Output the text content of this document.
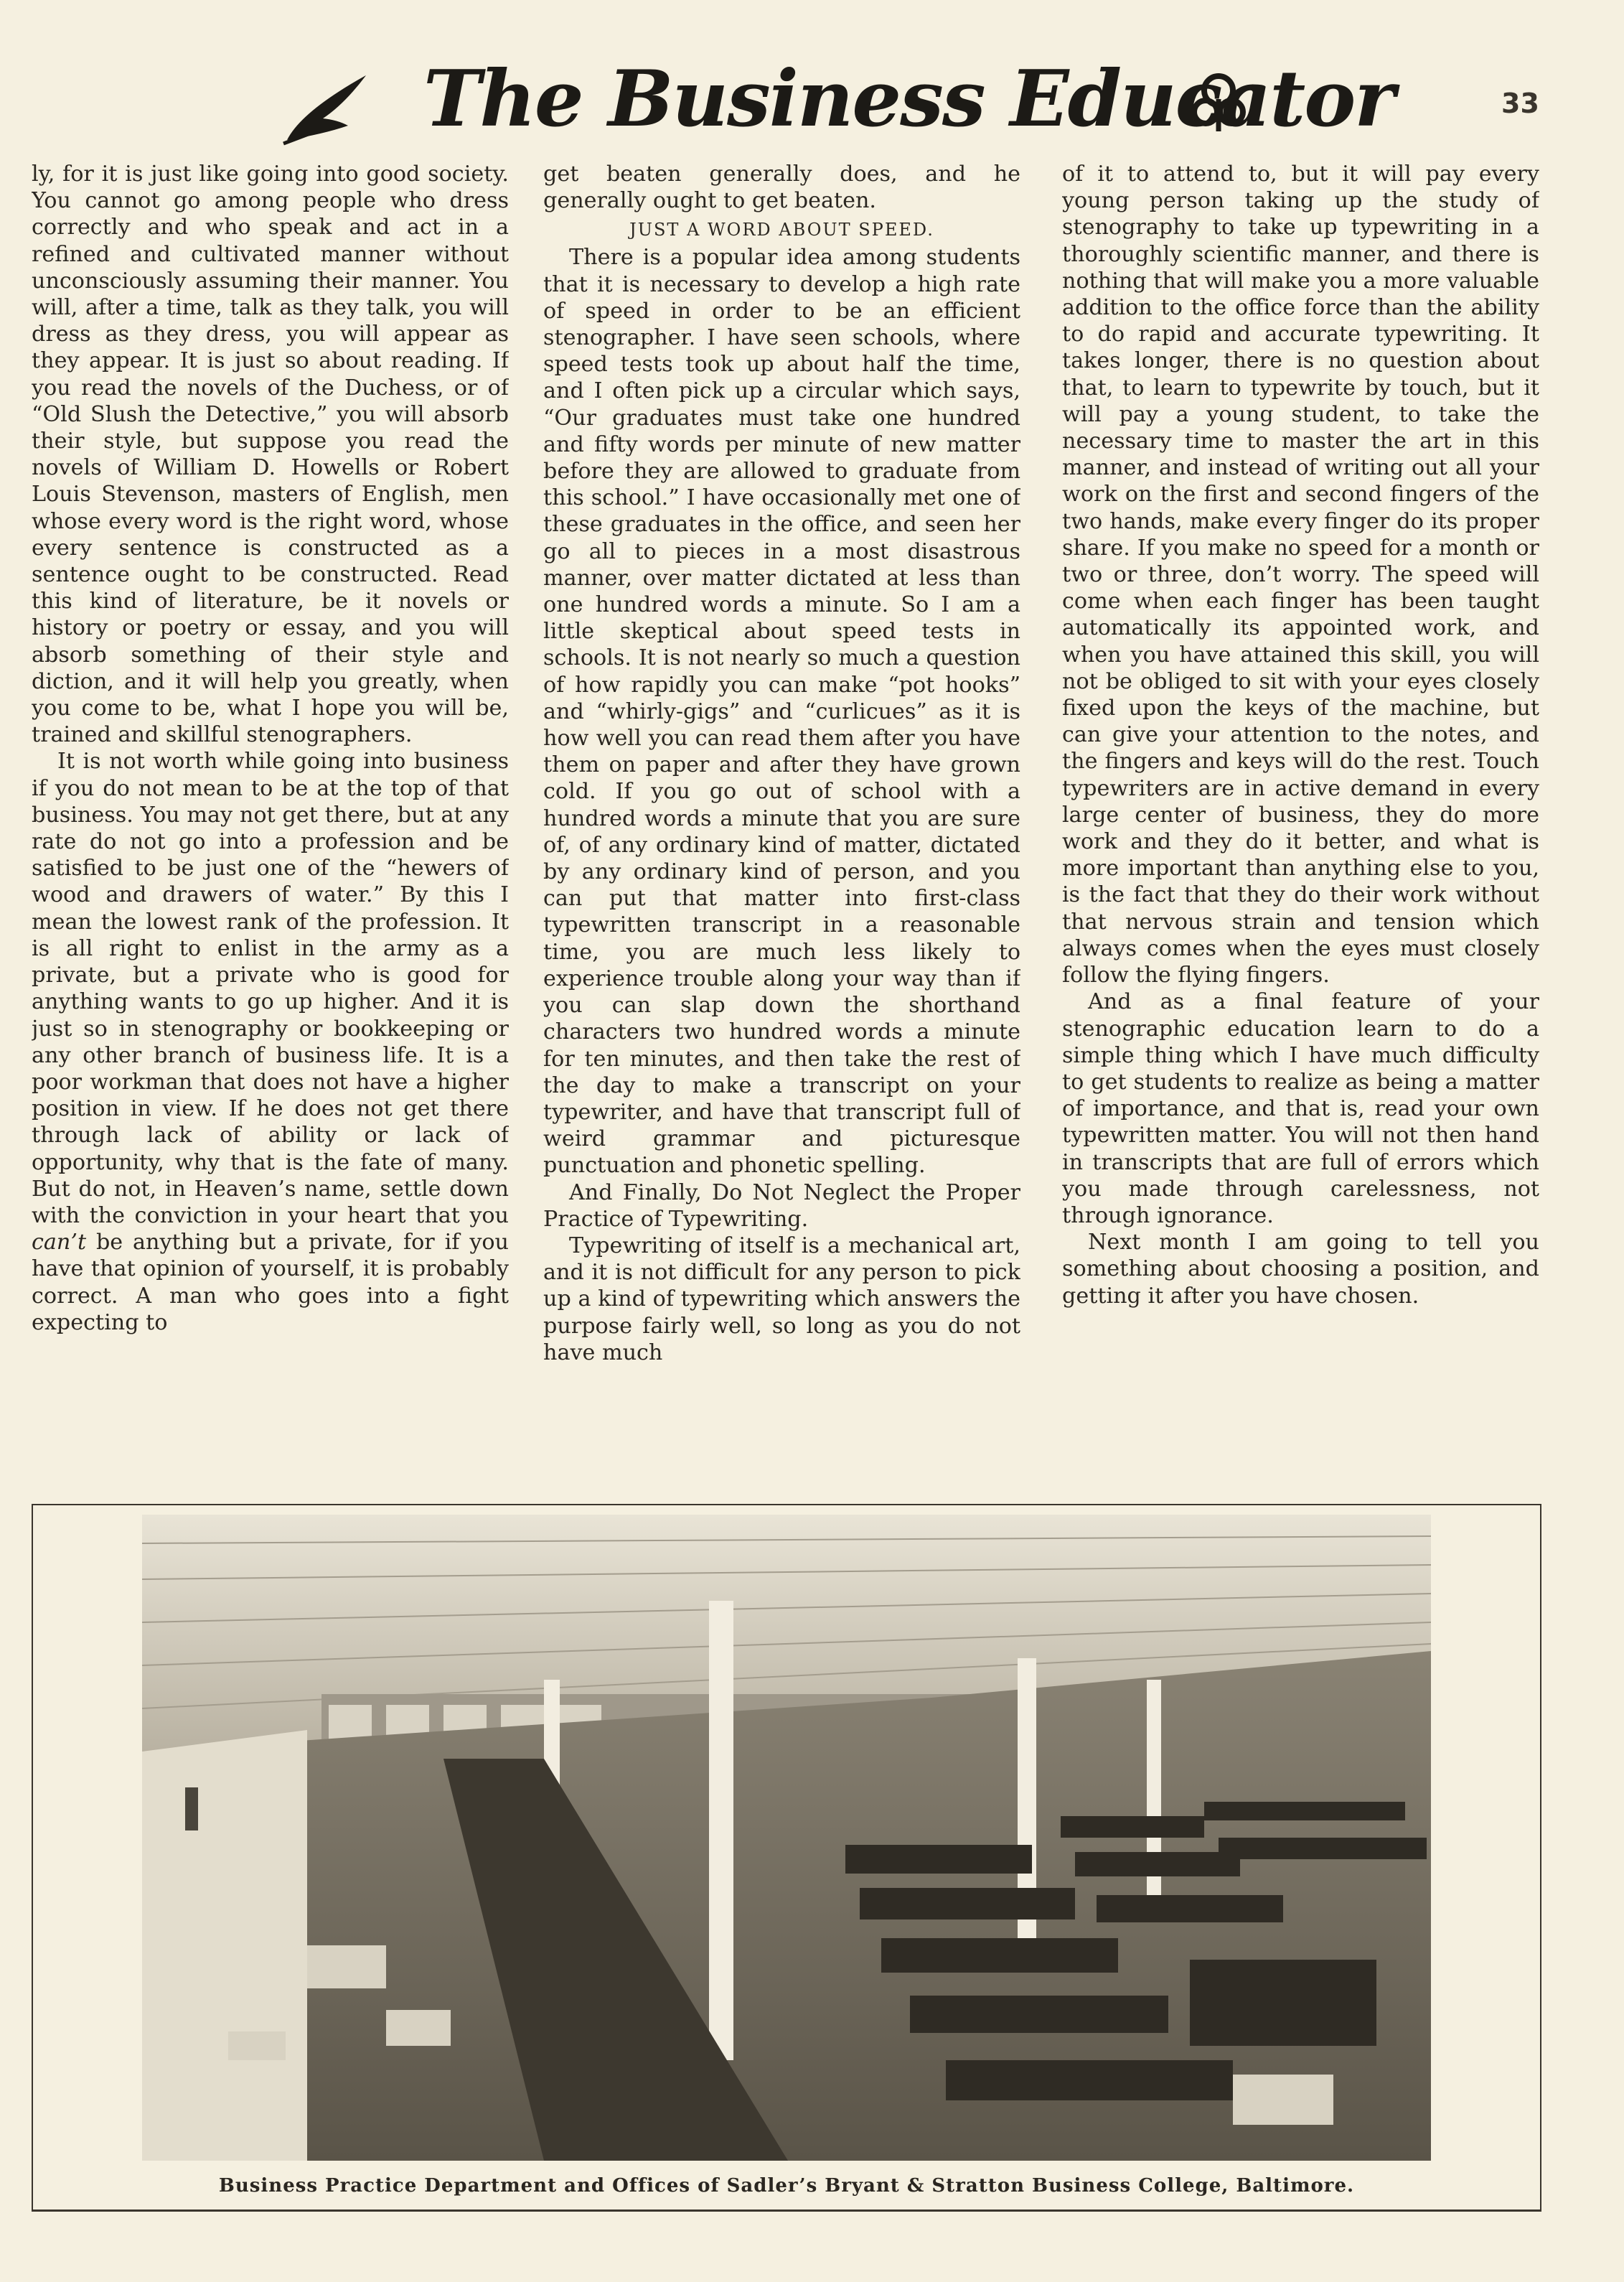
The Business Educator	33

ly, for it is just like going into good society. You cannot go among people who dress correctly and who speak and act in a refined and cultivated manner without unconsciously assuming their manner. You will, after a time, talk as they talk, you will dress as they dress, you will appear as they appear. It is just so about reading. If you read the novels of the Duchess, or of “Old Slush the Detective,” you will absorb their style, but suppose you read the novels of William D. Howells or Robert Louis Stevenson, masters of English, men whose every word is the right word, whose every sentence is constructed as a sentence ought to be constructed. Read this kind of literature, be it novels or history or poetry or essay, and you will absorb something of their style and diction, and it will help you greatly, when you come to be, what I hope you will be, trained and skillful stenographers.

It is not worth while going into business if you do not mean to be at the top of that business. You may not get there, but at any rate do not go into a profession and be satisfied to be just one of the “hewers of wood and drawers of water.” By this I mean the lowest rank of the profession. It is all right to enlist in the army as a private, but a private who is good for anything wants to go up higher. And it is just so in stenography or bookkeeping or any other branch of business life. It is a poor workman that does not have a higher position in view. If he does not get there through lack of ability or lack of opportunity, why that is the fate of many. But do not, in Heaven’s name, settle down with the conviction in your heart that you can’t be anything but a private, for if you have that opinion of yourself, it is probably correct. A man who goes into a fight expecting to

get beaten generally does, and he generally ought to get beaten.

JUST A WORD ABOUT SPEED.

There is a popular idea among students that it is necessary to develop a high rate of speed in order to be an efficient stenographer. I have seen schools, where speed tests took up about half the time, and I often pick up a circular which says, “Our graduates must take one hundred and fifty words per minute of new matter before they are allowed to graduate from this school.” I have occasionally met one of these graduates in the office, and seen her go all to pieces in a most disastrous manner, over matter dictated at less than one hundred words a minute. So I am a little skeptical about speed tests in schools. It is not nearly so much a question of how rapidly you can make “pot hooks” and “whirly-gigs” and “curlicues” as it is how well you can read them after you have them on paper and after they have grown cold. If you go out of school with a hundred words a minute that you are sure of, of any ordinary kind of matter, dictated by any ordinary kind of person, and you can put that matter into first-class typewritten transcript in a reasonable time, you are much less likely to experience trouble along your way than if you can slap down the shorthand characters two hundred words a minute for ten minutes, and then take the rest of the day to make a transcript on your typewriter, and have that transcript full of weird grammar and picturesque punctuation and phonetic spelling.

And Finally, Do Not Neglect the Proper Practice of Typewriting.

Typewriting of itself is a mechanical art, and it is not difficult for any person to pick up a kind of typewriting which answers the purpose fairly well, so long as you do not have much

of it to attend to, but it will pay every young person taking up the study of stenography to take up typewriting in a thoroughly scientific manner, and there is nothing that will make you a more valuable addition to the office force than the ability to do rapid and accurate typewriting. It takes longer, there is no question about that, to learn to typewrite by touch, but it will pay a young student, to take the necessary time to master the art in this manner, and instead of writing out all your work on the first and second fingers of the two hands, make every finger do its proper share. If you make no speed for a month or two or three, don’t worry. The speed will come when each finger has been taught automatically its appointed work, and when you have attained this skill, you will not be obliged to sit with your eyes closely fixed upon the keys of the machine, but can give your attention to the notes, and the fingers and keys will do the rest. Touch typewriters are in active demand in every large center of business, they do more work and they do it better, and what is more important than anything else to you, is the fact that they do their work without that nervous strain and tension which always comes when the eyes must closely follow the flying fingers.

And as a final feature of your stenographic education learn to do a simple thing which I have much difficulty to get students to realize as being a matter of importance, and that is, read your own typewritten matter. You will not then hand in transcripts that are full of errors which you made through carelessness, not through ignorance.

Next month I am going to tell you something about choosing a position, and getting it after you have chosen.

Business Practice Department and Offices of Sadler’s Bryant & Stratton Business College, Baltimore.
